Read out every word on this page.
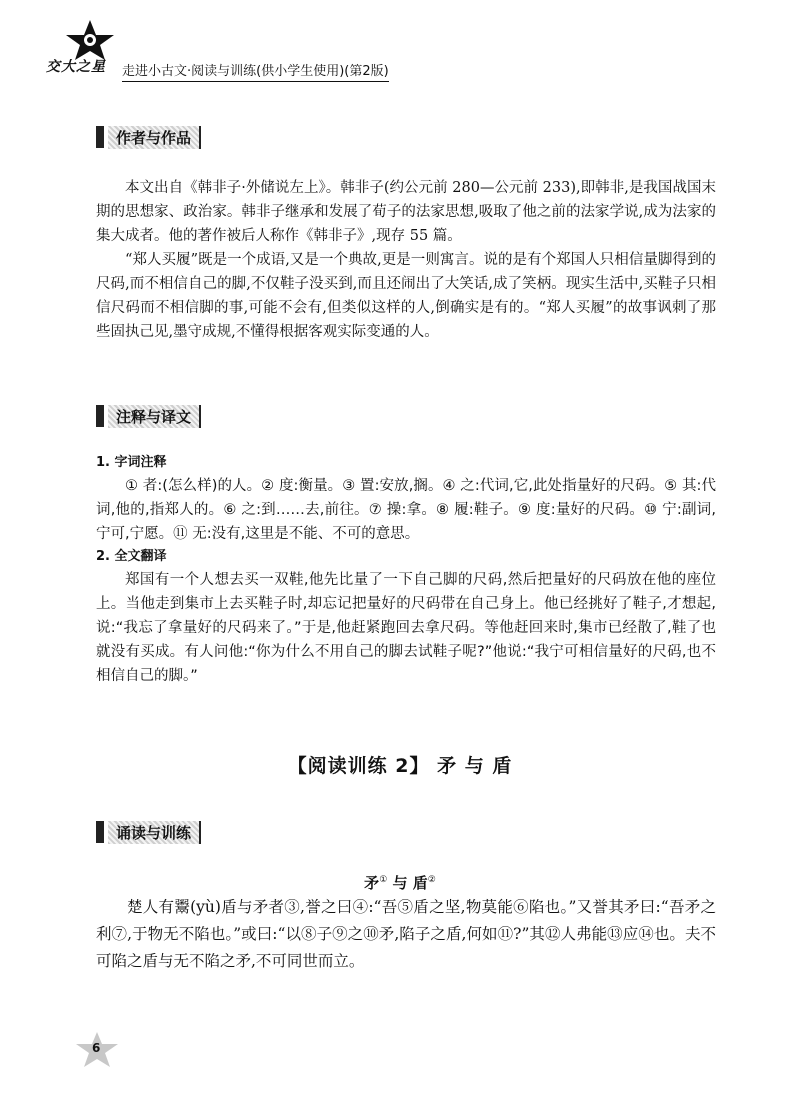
交大之星 走进小古文·阅读与训练(供小学生使用)(第2版)
作者与作品

本文出自《韩非子·外储说左上》。韩非子(约公元前 280—公元前 233),即韩非,是我国战国末期的思想家、政治家。韩非子继承和发展了荀子的法家思想,吸取了他之前的法家学说,成为法家的集大成者。他的著作被后人称作《韩非子》,现存 55 篇。

“郑人买履”既是一个成语,又是一个典故,更是一则寓言。说的是有个郑国人只相信量脚得到的尺码,而不相信自己的脚,不仅鞋子没买到,而且还闹出了大笑话,成了笑柄。现实生活中,买鞋子只相信尺码而不相信脚的事,可能不会有,但类似这样的人,倒确实是有的。“郑人买履”的故事讽刺了那些固执己见,墨守成规,不懂得根据客观实际变通的人。

注释与译文

1. 字词注释

① 者:(怎么样)的人。② 度:衡量。③ 置:安放,搁。④ 之:代词,它,此处指量好的尺码。⑤ 其:代词,他的,指郑人的。⑥ 之:到……去,前往。⑦ 操:拿。⑧ 履:鞋子。⑨ 度:量好的尺码。⑩ 宁:副词,宁可,宁愿。⑪ 无:没有,这里是不能、不可的意思。

2. 全文翻译

郑国有一个人想去买一双鞋,他先比量了一下自己脚的尺码,然后把量好的尺码放在他的座位上。当他走到集市上去买鞋子时,却忘记把量好的尺码带在自己身上。他已经挑好了鞋子,才想起,说:“我忘了拿量好的尺码来了。”于是,他赶紧跑回去拿尺码。等他赶回来时,集市已经散了,鞋了也就没有买成。有人问他:“你为什么不用自己的脚去试鞋子呢?”他说:“我宁可相信量好的尺码,也不相信自己的脚。”

【阅读训练 2】 矛 与 盾
诵读与训练
矛① 与 盾②

楚人有鬻(yù)盾与矛者③,誉之曰④:“吾⑤盾之坚,物莫能⑥陷也。”又誉其矛曰:“吾矛之利⑦,于物无不陷也。”或曰:“以⑧子⑨之⑩矛,陷子之盾,何如⑪?”其⑫人弗能⑬应⑭也。夫不可陷之盾与无不陷之矛,不可同世而立。

6
